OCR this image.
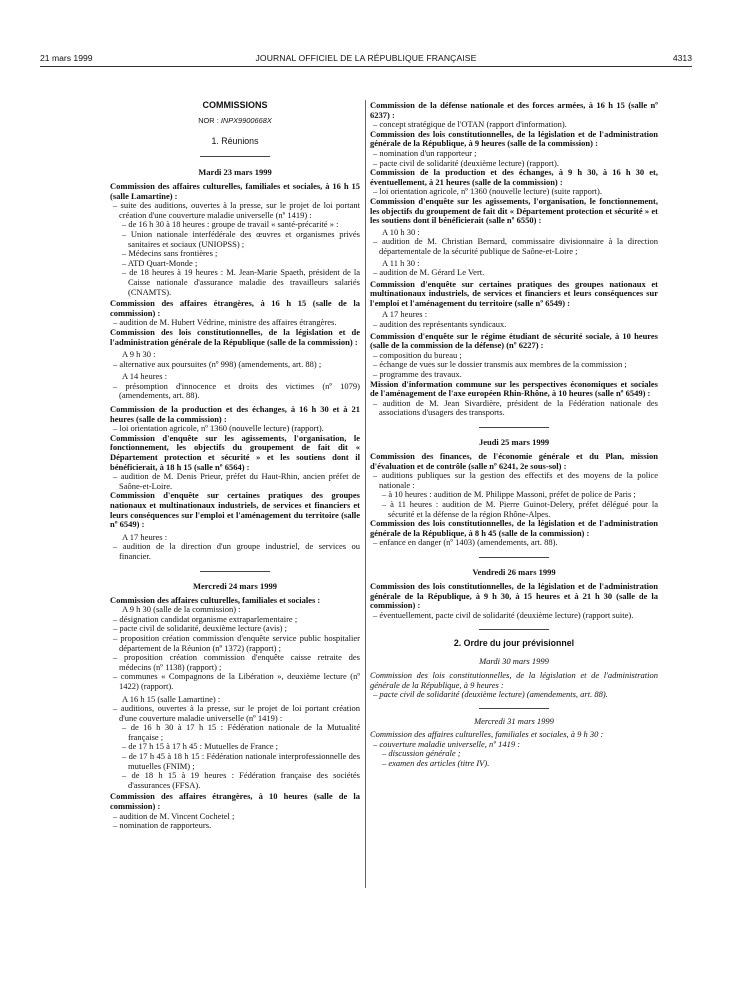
21 mars 1999	JOURNAL OFFICIEL DE LA RÉPUBLIQUE FRANÇAISE	4313

COMMISSIONS

NOR : INPX9900668X

1. Réunions

Mardi 23 mars 1999

Commission des affaires culturelles, familiales et sociales, à 16 h 15 (salle Lamartine) :

– suite des auditions, ouvertes à la presse, sur le projet de loi portant création d'une couverture maladie universelle (nº 1419) :

– de 16 h 30 à 18 heures : groupe de travail « santé-précarité » :

– Union nationale interfédérale des œuvres et organismes privés sanitaires et sociaux (UNIOPSS) ;

– Médecins sans frontières ;

– ATD Quart-Monde ;

– de 18 heures à 19 heures : M. Jean-Marie Spaeth, président de la Caisse nationale d'assurance maladie des travailleurs salariés (CNAMTS).

Commission des affaires étrangères, à 16 h 15 (salle de la commission) :

– audition de M. Hubert Védrine, ministre des affaires étrangères.

Commission des lois constitutionnelles, de la législation et de l'administration générale de la République (salle de la commission) :

A 9 h 30 :

– alternative aux poursuites (nº 998) (amendements, art. 88) ;

A 14 heures :

– présomption d'innocence et droits des victimes (nº 1079) (amendements, art. 88).

Commission de la production et des échanges, à 16 h 30 et à 21 heures (salle de la commission) :

– loi orientation agricole, nº 1360 (nouvelle lecture) (rapport).

Commission d'enquête sur les agissements, l'organisation, le fonctionnement, les objectifs du groupement de fait dit « Département protection et sécurité » et les soutiens dont il bénéficierait, à 18 h 15 (salle nº 6564) :

– audition de M. Denis Prieur, préfet du Haut-Rhin, ancien préfet de Saône-et-Loire.

Commission d'enquête sur certaines pratiques des groupes nationaux et multinationaux industriels, de services et financiers et leurs conséquences sur l'emploi et l'aménagement du territoire (salle nº 6549) :

A 17 heures :

– audition de la direction d'un groupe industriel, de services ou financier.

Mercredi 24 mars 1999

Commission des affaires culturelles, familiales et sociales :

A 9 h 30 (salle de la commission) :

– désignation candidat organisme extraparlementaire ;

– pacte civil de solidarité, deuxième lecture (avis) ;

– proposition création commission d'enquête service public hospitalier département de la Réunion (nº 1372) (rapport) ;

– proposition création commission d'enquête caisse retraite des médecins (nº 1138) (rapport) ;

– communes « Compagnons de la Libération », deuxième lecture (nº 1422) (rapport).

A 16 h 15 (salle Lamartine) :

– auditions, ouvertes à la presse, sur le projet de loi portant création d'une couverture maladie universelle (nº 1419) :

– de 16 h 30 à 17 h 15 : Fédération nationale de la Mutualité française ;

– de 17 h 15 à 17 h 45 : Mutuelles de France ;

– de 17 h 45 à 18 h 15 : Fédération nationale interprofessionnelle des mutuelles (FNIM) ;

– de 18 h 15 à 19 heures : Fédération française des sociétés d'assurances (FFSA).

Commission des affaires étrangères, à 10 heures (salle de la commission) :

– audition de M. Vincent Cochetel ;

– nomination de rapporteurs.

Commission de la défense nationale et des forces armées, à 16 h 15 (salle nº 6237) :

– concept stratégique de l'OTAN (rapport d'information).

Commission des lois constitutionnelles, de la législation et de l'administration générale de la République, à 9 heures (salle de la commission) :

– nomination d'un rapporteur ;

– pacte civil de solidarité (deuxième lecture) (rapport).

Commission de la production et des échanges, à 9 h 30, à 16 h 30 et, éventuellement, à 21 heures (salle de la commission) :

– loi orientation agricole, nº 1360 (nouvelle lecture) (suite rapport).

Commission d'enquête sur les agissements, l'organisation, le fonctionnement, les objectifs du groupement de fait dit « Département protection et sécurité » et les soutiens dont il bénéficierait (salle nº 6550) :

A 10 h 30 :

– audition de M. Christian Bernard, commissaire divisionnaire à la direction départementale de la sécurité publique de Saône-et-Loire ;

A 11 h 30 :

– audition de M. Gérard Le Vert.

Commission d'enquête sur certaines pratiques des groupes nationaux et multinationaux industriels, de services et financiers et leurs conséquences sur l'emploi et l'aménagement du territoire (salle nº 6549) :

A 17 heures :

– audition des représentants syndicaux.

Commission d'enquête sur le régime étudiant de sécurité sociale, à 10 heures (salle de la commission de la défense) (nº 6227) :

– composition du bureau ;

– échange de vues sur le dossier transmis aux membres de la commission ;

– programme des travaux.

Mission d'information commune sur les perspectives économiques et sociales de l'aménagement de l'axe européen Rhin-Rhône, à 10 heures (salle nº 6549) :

– audition de M. Jean Sivardière, président de la Fédération nationale des associations d'usagers des transports.

Jeudi 25 mars 1999

Commission des finances, de l'économie générale et du Plan, mission d'évaluation et de contrôle (salle nº 6241, 2e sous-sol) :

– auditions publiques sur la gestion des effectifs et des moyens de la police nationale :

– à 10 heures : audition de M. Philippe Massoni, préfet de police de Paris ;

– à 11 heures : audition de M. Pierre Guinot-Delery, préfet délégué pour la sécurité et la défense de la région Rhône-Alpes.

Commission des lois constitutionnelles, de la législation et de l'administration générale de la République, à 8 h 45 (salle de la commission) :

– enfance en danger (nº 1403) (amendements, art. 88).

Vendredi 26 mars 1999

Commission des lois constitutionnelles, de la législation et de l'administration générale de la République, à 9 h 30, à 15 heures et à 21 h 30 (salle de la commission) :

– éventuellement, pacte civil de solidarité (deuxième lecture) (rapport suite).

2. Ordre du jour prévisionnel

Mardi 30 mars 1999

Commission des lois constitutionnelles, de la législation et de l'administration générale de la République, à 9 heures :

– pacte civil de solidarité (deuxième lecture) (amendements, art. 88).

Mercredi 31 mars 1999

Commission des affaires culturelles, familiales et sociales, à 9 h 30 :

– couverture maladie universelle, nº 1419 :

– discussion générale ;

– examen des articles (titre IV).
